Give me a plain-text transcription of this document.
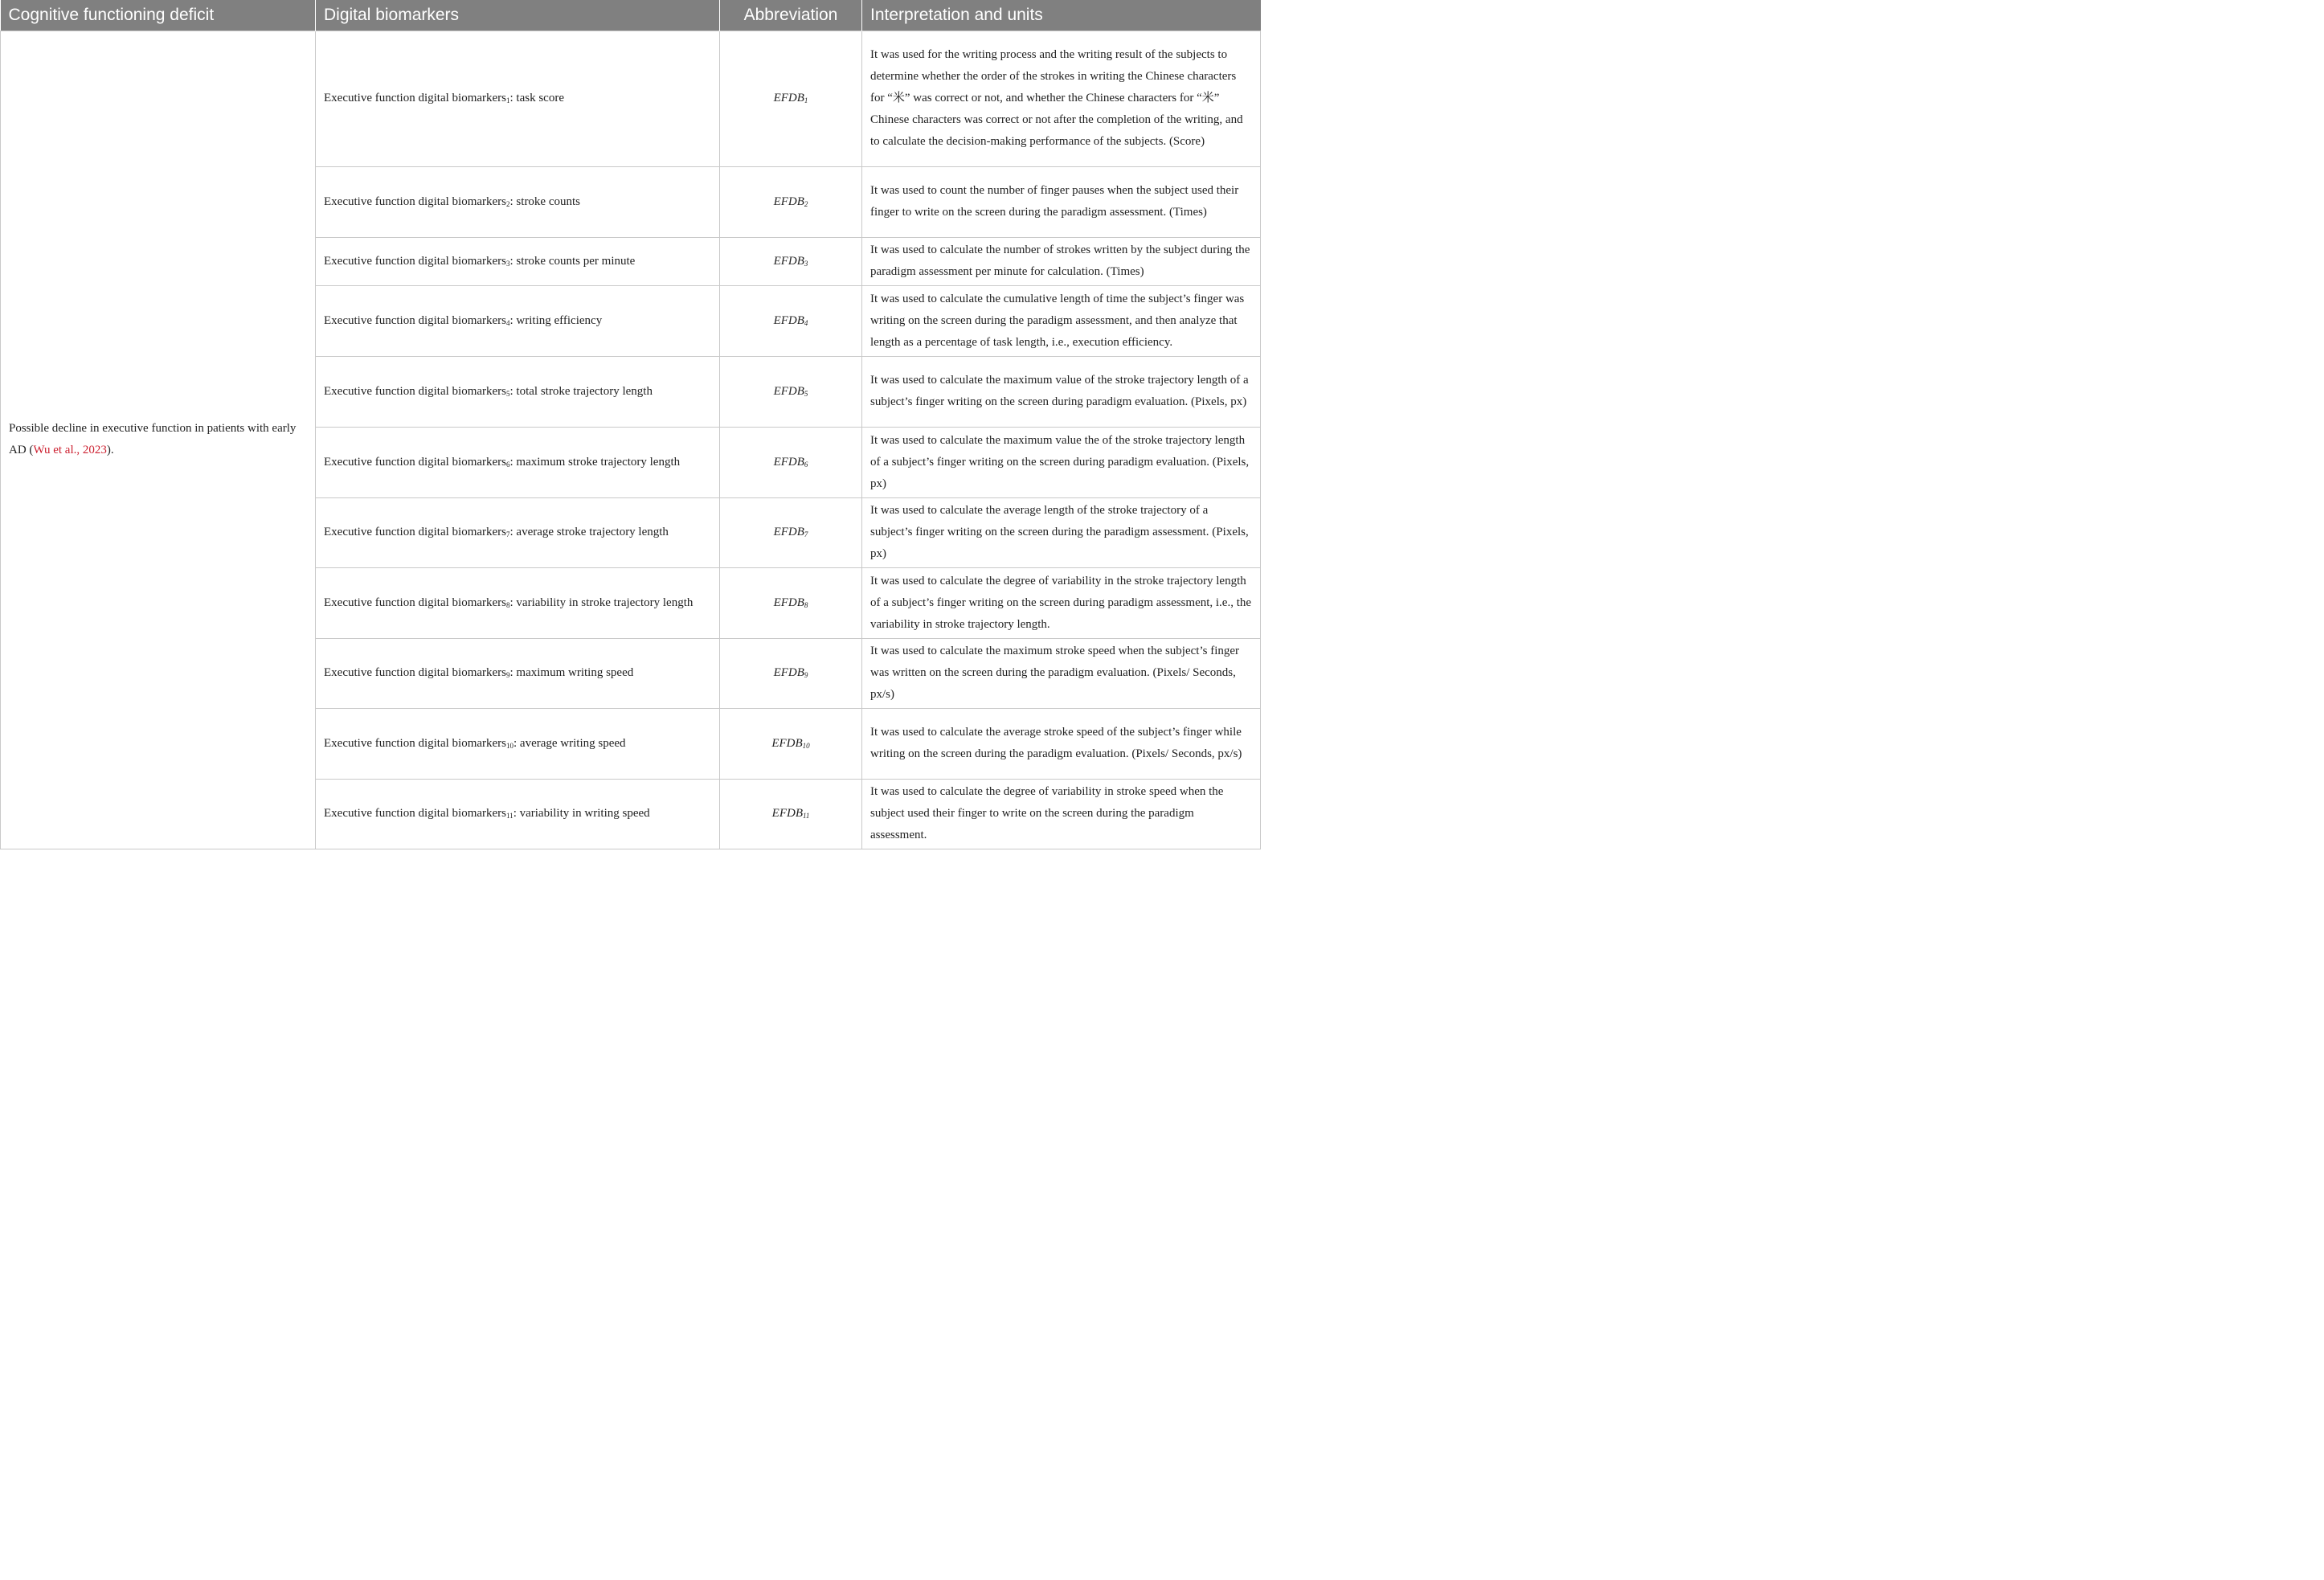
Cognitive functioning deficit	Digital biomarkers	Abbreviation	Interpretation and units
Possible decline in executive function in patients with early AD (Wu et al., 2023).	Executive function digital biomarkers$_1$: task score	$EFDB_1$	It was used for the writing process and the writing result of the subjects to determine whether the order of the strokes in writing the Chinese characters for “米” was correct or not, and whether the Chinese characters for “米” Chinese characters was correct or not after the completion of the writing, and to calculate the decision-making performance of the subjects. (Score)
	Executive function digital biomarkers$_2$: stroke counts	$EFDB_2$	It was used to count the number of finger pauses when the subject used their finger to write on the screen during the paradigm assessment. (Times)
	Executive function digital biomarkers$_3$: stroke counts per minute	$EFDB_3$	It was used to calculate the number of strokes written by the subject during the paradigm assessment per minute for calculation. (Times)
	Executive function digital biomarkers$_4$: writing efficiency	$EFDB_4$	It was used to calculate the cumulative length of time the subject’s finger was writing on the screen during the paradigm assessment, and then analyze that length as a percentage of task length, i.e., execution efficiency.
	Executive function digital biomarkers$_5$: total stroke trajectory length	$EFDB_5$	It was used to calculate the maximum value of the stroke trajectory length of a subject’s finger writing on the screen during paradigm evaluation. (Pixels, px)
	Executive function digital biomarkers$_6$: maximum stroke trajectory length	$EFDB_6$	It was used to calculate the maximum value the of the stroke trajectory length of a subject’s finger writing on the screen during paradigm evaluation. (Pixels, px)
	Executive function digital biomarkers$_7$: average stroke trajectory length	$EFDB_7$	It was used to calculate the average length of the stroke trajectory of a subject’s finger writing on the screen during the paradigm assessment. (Pixels, px)
	Executive function digital biomarkers$_8$: variability in stroke trajectory length	$EFDB_8$	It was used to calculate the degree of variability in the stroke trajectory length of a subject’s finger writing on the screen during paradigm assessment, i.e., the variability in stroke trajectory length.
	Executive function digital biomarkers$_9$: maximum writing speed	$EFDB_9$	It was used to calculate the maximum stroke speed when the subject’s finger was written on the screen during the paradigm evaluation. (Pixels/ Seconds, px/s)
	Executive function digital biomarkers$_{10}$: average writing speed	$EFDB_{10}$	It was used to calculate the average stroke speed of the subject’s finger while writing on the screen during the paradigm evaluation. (Pixels/ Seconds, px/s)
	Executive function digital biomarkers$_{11}$: variability in writing speed	$EFDB_{11}$	It was used to calculate the degree of variability in stroke speed when the subject used their finger to write on the screen during the paradigm assessment.
